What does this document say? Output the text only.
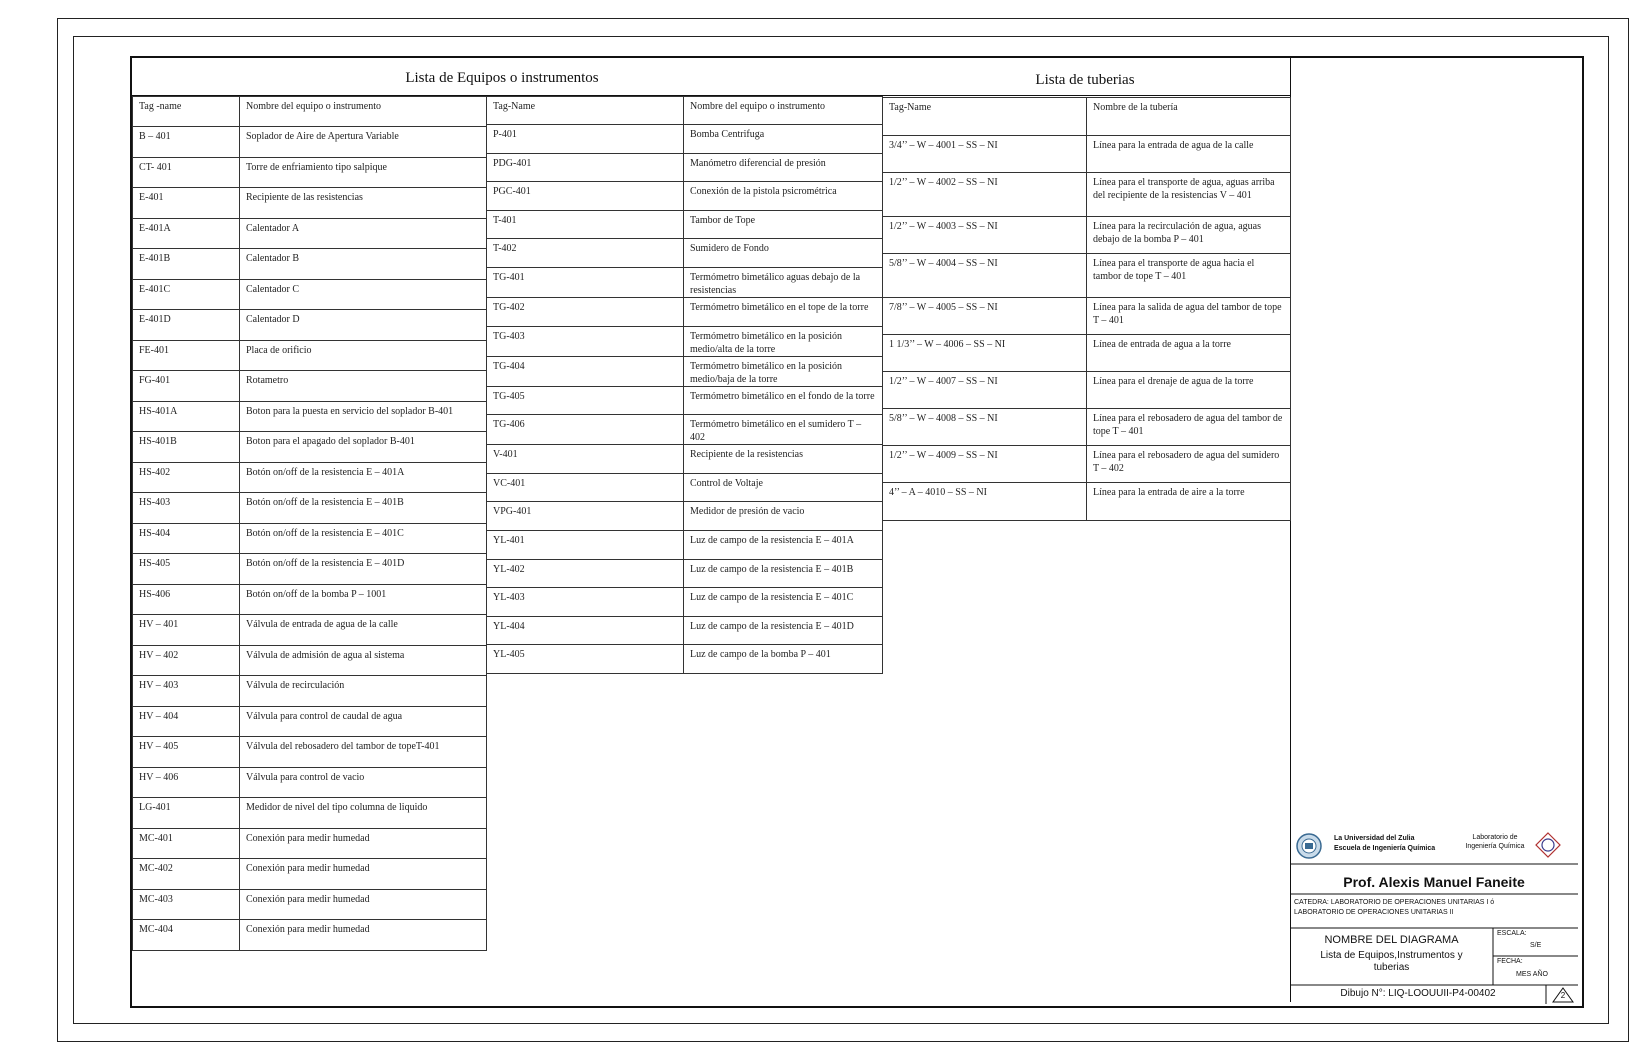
Lista de Equipos o instrumentos	Lista de tuberias
Tag -name	Nombre del equipo o instrumento
B – 401	Soplador de Aire de Apertura Variable
CT- 401	Torre de enfriamiento tipo salpique
E-401	Recipiente de las resistencias
E-401A	Calentador A
E-401B	Calentador B
E-401C	Calentador C
E-401D	Calentador D
FE-401	Placa de orificio
FG-401	Rotametro
HS-401A	Boton para la puesta en servicio del soplador B-401
HS-401B	Boton para el apagado del soplador B-401
HS-402	Botón on/off de la resistencia E – 401A
HS-403	Botón on/off de la resistencia E – 401B
HS-404	Botón on/off de la resistencia E – 401C
HS-405	Botón on/off de la resistencia E – 401D
HS-406	Botón on/off de la bomba P – 1001
HV – 401	Válvula de entrada de agua de la calle
HV – 402	Válvula de admisión de agua al sistema
HV – 403	Válvula de recirculación
HV – 404	Válvula para control de caudal de agua
HV – 405	Válvula del rebosadero del tambor de topeT-401
HV – 406	Válvula para control de vacio
LG-401	Medidor de nivel del tipo columna de liquido
MC-401	Conexión para medir humedad
MC-402	Conexión para medir humedad
MC-403	Conexión para medir humedad
MC-404	Conexión para medir humedad
Tag-Name	Nombre del equipo o instrumento
P-401	Bomba Centrifuga
PDG-401	Manómetro diferencial de presión
PGC-401	Conexión de la pistola psicrométrica
T-401	Tambor de Tope
T-402	Sumidero de Fondo
TG-401	Termómetro bimetálico aguas debajo de la resistencias
TG-402	Termómetro bimetálico en el tope de la torre
TG-403	Termómetro bimetálico en la posición medio/alta de la torre
TG-404	Termómetro bimetálico en la posición medio/baja de la torre
TG-405	Termómetro bimetálico en el fondo de la torre
TG-406	Termómetro bimetálico en el sumidero T – 402
V-401	Recipiente de la resistencias
VC-401	Control de Voltaje
VPG-401	Medidor de presión de vacio
YL-401	Luz de campo de la resistencia E – 401A
YL-402	Luz de campo de la resistencia E – 401B
YL-403	Luz de campo de la resistencia E – 401C
YL-404	Luz de campo de la resistencia E – 401D
YL-405	Luz de campo de la bomba P – 401
Tag-Name	Nombre de la tubería
3/4’’ – W – 4001 – SS – NI	Línea para la entrada de agua de la calle
1/2’’ – W – 4002 – SS – NI	Línea para el transporte de agua, aguas arriba del recipiente de la resistencias V – 401
1/2’’ – W – 4003 – SS – NI	Línea para la recirculación de agua, aguas debajo de la bomba P – 401
5/8’’ – W – 4004 – SS – NI	Línea para el transporte de agua hacia el tambor de tope T – 401
7/8’’ – W – 4005 – SS – NI	Línea para la salida de agua del tambor de tope T – 401
1 1/3’’ – W – 4006 – SS – NI	Línea de entrada de agua a la torre
1/2’’ – W – 4007 – SS – NI	Línea para el drenaje de agua de la torre
5/8’’ – W – 4008 – SS – NI	Línea para el rebosadero de agua del tambor de tope T – 401
1/2’’ – W – 4009 – SS – NI	Línea para el rebosadero de agua del sumidero T – 402
4’’ – A – 4010 – SS – NI	Línea para la entrada de aire a la torre
La Universidad del Zulia
Escuela de Ingeniería Química
Laboratorio de Ingeniería Química
Prof. Alexis Manuel Faneite
CATEDRA: LABORATORIO DE OPERACIONES UNITARIAS I ó LABORATORIO DE OPERACIONES UNITARIAS II
NOMBRE DEL DIAGRAMA
Lista de Equipos,Instrumentos y tuberias
ESCALA:
S/E
FECHA:
MES AÑO
Dibujo N°: LIQ-LOOUUII-P4-00402	2
